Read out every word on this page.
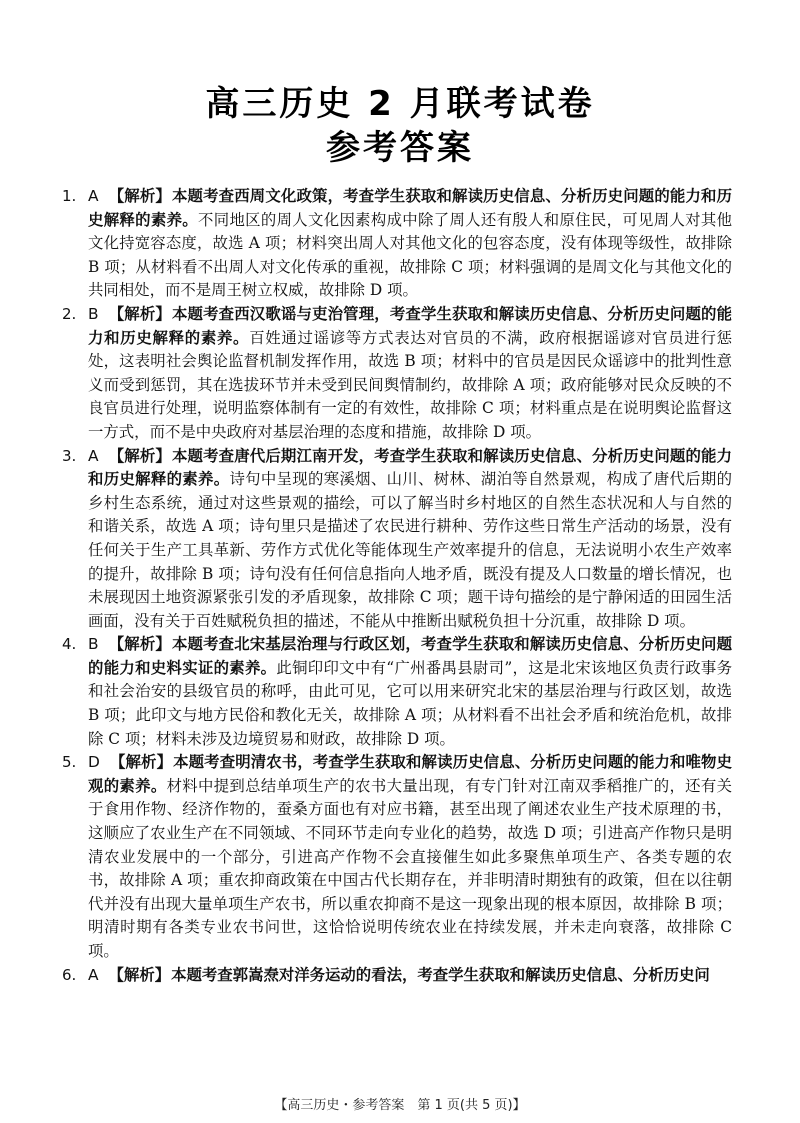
高三历史 2 月联考试卷
参考答案

1. A 【解析】本题考查西周文化政策，考查学生获取和解读历史信息、分析历史问题的能力和历史解释的素养。不同地区的周人文化因素构成中除了周人还有殷人和原住民，可见周人对其他文化持宽容态度，故选 A 项；材料突出周人对其他文化的包容态度，没有体现等级性，故排除 B 项；从材料看不出周人对文化传承的重视，故排除 C 项；材料强调的是周文化与其他文化的共同相处，而不是周王树立权威，故排除 D 项。

2. B 【解析】本题考查西汉歌谣与吏治管理，考查学生获取和解读历史信息、分析历史问题的能力和历史解释的素养。百姓通过谣谚等方式表达对官员的不满，政府根据谣谚对官员进行惩处，这表明社会舆论监督机制发挥作用，故选 B 项；材料中的官员是因民众谣谚中的批判性意义而受到惩罚，其在选拔环节并未受到民间舆情制约，故排除 A 项；政府能够对民众反映的不良官员进行处理，说明监察体制有一定的有效性，故排除 C 项；材料重点是在说明舆论监督这一方式，而不是中央政府对基层治理的态度和措施，故排除 D 项。

3. A 【解析】本题考查唐代后期江南开发，考查学生获取和解读历史信息、分析历史问题的能力和历史解释的素养。诗句中呈现的寒溪烟、山川、树林、湖泊等自然景观，构成了唐代后期的乡村生态系统，通过对这些景观的描绘，可以了解当时乡村地区的自然生态状况和人与自然的和谐关系，故选 A 项；诗句里只是描述了农民进行耕种、劳作这些日常生产活动的场景，没有任何关于生产工具革新、劳作方式优化等能体现生产效率提升的信息，无法说明小农生产效率的提升，故排除 B 项；诗句没有任何信息指向人地矛盾，既没有提及人口数量的增长情况，也未展现因土地资源紧张引发的矛盾现象，故排除 C 项；题干诗句描绘的是宁静闲适的田园生活画面，没有关于百姓赋税负担的描述，不能从中推断出赋税负担十分沉重，故排除 D 项。

4. B 【解析】本题考查北宋基层治理与行政区划，考查学生获取和解读历史信息、分析历史问题的能力和史料实证的素养。此铜印印文中有“广州番禺县尉司”，这是北宋该地区负责行政事务和社会治安的县级官员的称呼，由此可见，它可以用来研究北宋的基层治理与行政区划，故选 B 项；此印文与地方民俗和教化无关，故排除 A 项；从材料看不出社会矛盾和统治危机，故排除 C 项；材料未涉及边境贸易和财政，故排除 D 项。

5. D 【解析】本题考查明清农书，考查学生获取和解读历史信息、分析历史问题的能力和唯物史观的素养。材料中提到总结单项生产的农书大量出现，有专门针对江南双季稻推广的，还有关于食用作物、经济作物的，蚕桑方面也有对应书籍，甚至出现了阐述农业生产技术原理的书，这顺应了农业生产在不同领域、不同环节走向专业化的趋势，故选 D 项；引进高产作物只是明清农业发展中的一个部分，引进高产作物不会直接催生如此多聚焦单项生产、各类专题的农书，故排除 A 项；重农抑商政策在中国古代长期存在，并非明清时期独有的政策，但在以往朝代并没有出现大量单项生产农书，所以重农抑商不是这一现象出现的根本原因，故排除 B 项；明清时期有各类专业农书问世，这恰恰说明传统农业在持续发展，并未走向衰落，故排除 C 项。

6. A 【解析】本题考查郭嵩焘对洋务运动的看法，考查学生获取和解读历史信息、分析历史问

【高三历史・参考答案　第 1 页(共 5 页)】
